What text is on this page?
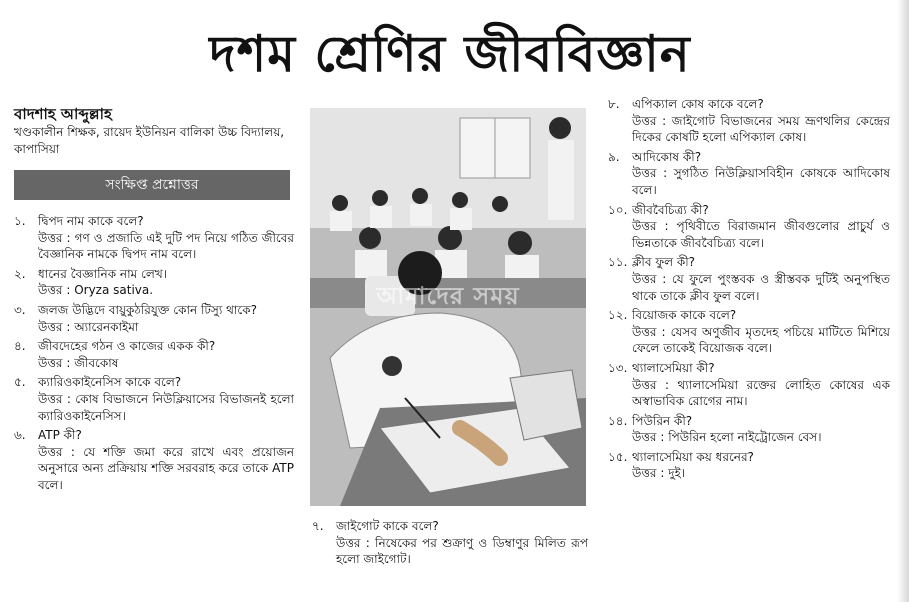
দশম শ্রেণির জীববিজ্ঞান
বাদশাহ আব্দুল্লাহ
খণ্ডকালীন শিক্ষক, রায়েদ ইউনিয়ন বালিকা উচ্চ বিদ্যালয়, কাপাসিয়া
সংক্ষিপ্ত প্রশ্নোত্তর
১.	দ্বিপদ নাম কাকে বলে?
উত্তর : গণ ও প্রজাতি এই দুটি পদ নিয়ে গঠিত জীবের বৈজ্ঞানিক নামকে দ্বিপদ নাম বলে।
২.	ধানের বৈজ্ঞানিক নাম লেখ।
উত্তর : Oryza sativa.
৩.	জলজ উদ্ভিদে বায়ুকুঠরিযুক্ত কোন টিস্যু থাকে?
উত্তর : অ্যারেনকাইমা
৪.	জীবদেহের গঠন ও কাজের একক কী?
উত্তর : জীবকোষ
৫.	ক্যারিওকাইনেসিস কাকে বলে?
উত্তর : কোষ বিভাজনে নিউক্লিয়াসের বিভাজনই হলো ক্যারিওকাইনেসিস।
৬.	ATP কী?
উত্তর : যে শক্তি জমা করে রাখে এবং প্রয়োজন অনুসারে অন্য প্রক্রিয়ায় শক্তি সরবরাহ করে তাকে ATP বলে।
আমাদের সময়
৭.	জাইগোট কাকে বলে?
উত্তর : নিষেকের পর শুক্রাণু ও ডিম্বাণুর মিলিত রূপ হলো জাইগোট।
৮.	এপিক্যাল কোষ কাকে বলে?
উত্তর : জাইগোট বিভাজনের সময় ভ্রূণথলির কেন্দ্রের দিকের কোষটি হলো এপিক্যাল কোষ।
৯.	আদিকোষ কী?
উত্তর : সুগঠিত নিউক্লিয়াসবিহীন কোষকে আদিকোষ বলে।
১০. জীববৈচিত্র্য কী?
উত্তর : পৃথিবীতে বিরাজমান জীবগুলোর প্রাচুর্য ও ভিন্নতাকে জীববৈচিত্র্য বলে।
১১. ক্লীব ফুল কী?
উত্তর : যে ফুলে পুংস্তবক ও স্ত্রীস্তবক দুটিই অনুপস্থিত থাকে তাকে ক্লীব ফুল বলে।
১২. বিয়োজক কাকে বলে?
উত্তর : যেসব অণুজীব মৃতদেহ পচিয়ে মাটিতে মিশিয়ে ফেলে তাকেই বিয়োজক বলে।
১৩. থ্যালাসেমিয়া কী?
উত্তর : থ্যালাসেমিয়া রক্তের লোহিত কোষের এক অস্বাভাবিক রোগের নাম।
১৪. পিউরিন কী?
উত্তর : পিউরিন হলো নাইট্রোজেন বেস।
১৫. থ্যালাসেমিয়া কয় ধরনের?
উত্তর : দুই।
